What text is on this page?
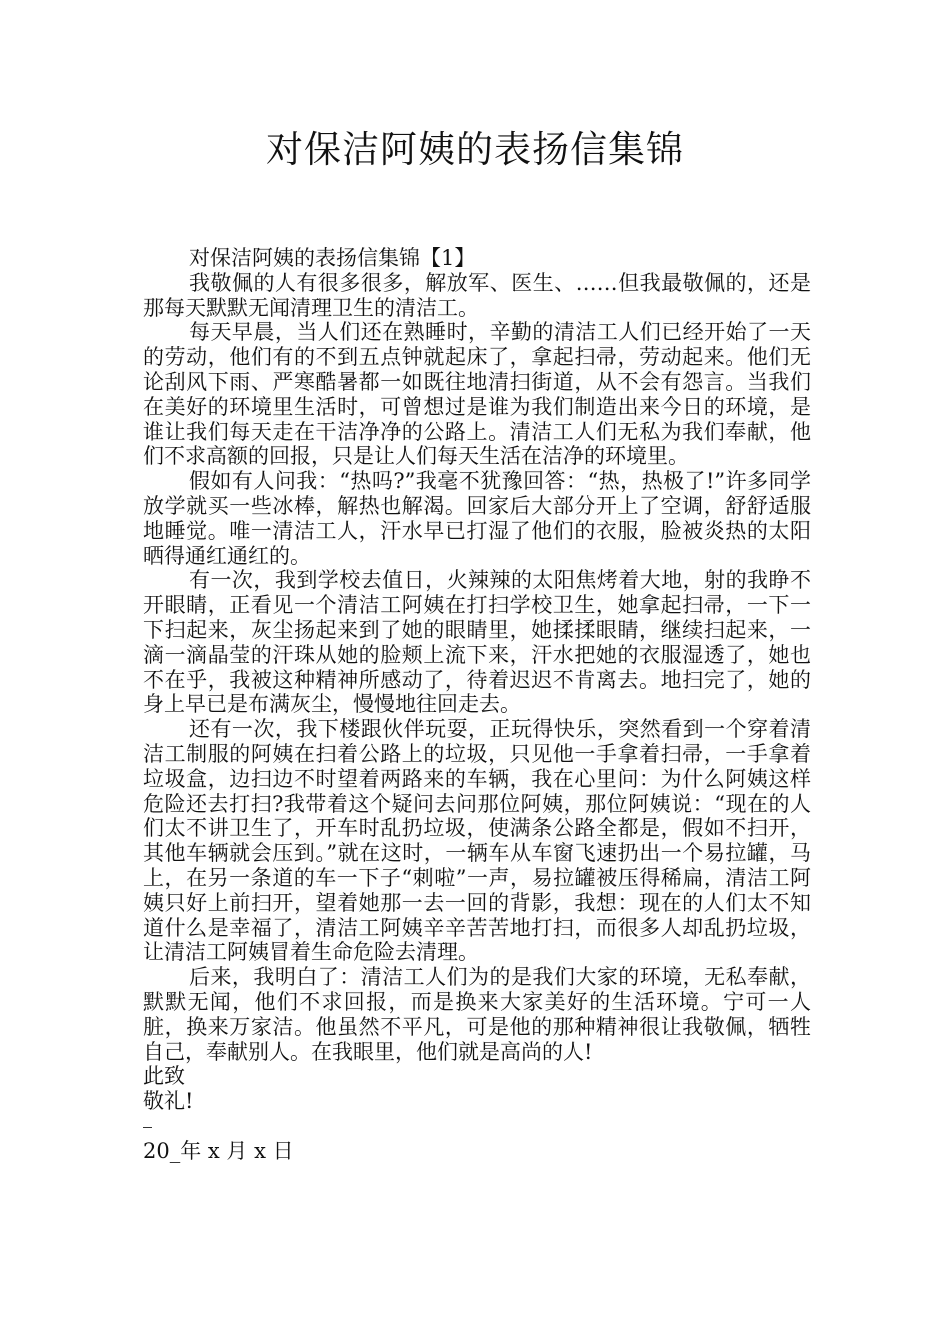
对保洁阿姨的表扬信集锦

对保洁阿姨的表扬信集锦【1】

我敬佩的人有很多很多，解放军、医生、……但我最敬佩的，还是那每天默默无闻清理卫生的清洁工。

每天早晨，当人们还在熟睡时，辛勤的清洁工人们已经开始了一天的劳动，他们有的不到五点钟就起床了，拿起扫帚，劳动起来。他们无论刮风下雨、严寒酷暑都一如既往地清扫街道，从不会有怨言。当我们在美好的环境里生活时，可曾想过是谁为我们制造出来今日的环境，是谁让我们每天走在干洁净净的公路上。清洁工人们无私为我们奉献，他们不求高额的回报，只是让人们每天生活在洁净的环境里。

假如有人问我：“热吗?”我毫不犹豫回答：“热，热极了!”许多同学放学就买一些冰棒，解热也解渴。回家后大部分开上了空调，舒舒适服地睡觉。唯一清洁工人，汗水早已打湿了他们的衣服，脸被炎热的太阳晒得通红通红的。

有一次，我到学校去值日，火辣辣的太阳焦烤着大地，射的我睁不开眼睛，正看见一个清洁工阿姨在打扫学校卫生，她拿起扫帚，一下一下扫起来，灰尘扬起来到了她的眼睛里，她揉揉眼睛，继续扫起来，一滴一滴晶莹的汗珠从她的脸颊上流下来，汗水把她的衣服湿透了，她也不在乎，我被这种精神所感动了，待着迟迟不肯离去。地扫完了，她的身上早已是布满灰尘，慢慢地往回走去。

还有一次，我下楼跟伙伴玩耍，正玩得快乐，突然看到一个穿着清洁工制服的阿姨在扫着公路上的垃圾，只见他一手拿着扫帚，一手拿着垃圾盒，边扫边不时望着两路来的车辆，我在心里问：为什么阿姨这样危险还去打扫?我带着这个疑问去问那位阿姨，那位阿姨说：“现在的人们太不讲卫生了，开车时乱扔垃圾，使满条公路全都是，假如不扫开，其他车辆就会压到。”就在这时，一辆车从车窗飞速扔出一个易拉罐，马上，在另一条道的车一下子“刺啦”一声，易拉罐被压得稀扁，清洁工阿姨只好上前扫开，望着她那一去一回的背影，我想：现在的人们太不知道什么是幸福了，清洁工阿姨辛辛苦苦地打扫，而很多人却乱扔垃圾，让清洁工阿姨冒着生命危险去清理。

后来，我明白了：清洁工人们为的是我们大家的环境，无私奉献，默默无闻，他们不求回报，而是换来大家美好的生活环境。宁可一人脏，换来万家洁。他虽然不平凡，可是他的那种精神很让我敬佩，牺牲自己，奉献别人。在我眼里，他们就是高尚的人!

此致

敬礼!

20_年 x 月 x 日
